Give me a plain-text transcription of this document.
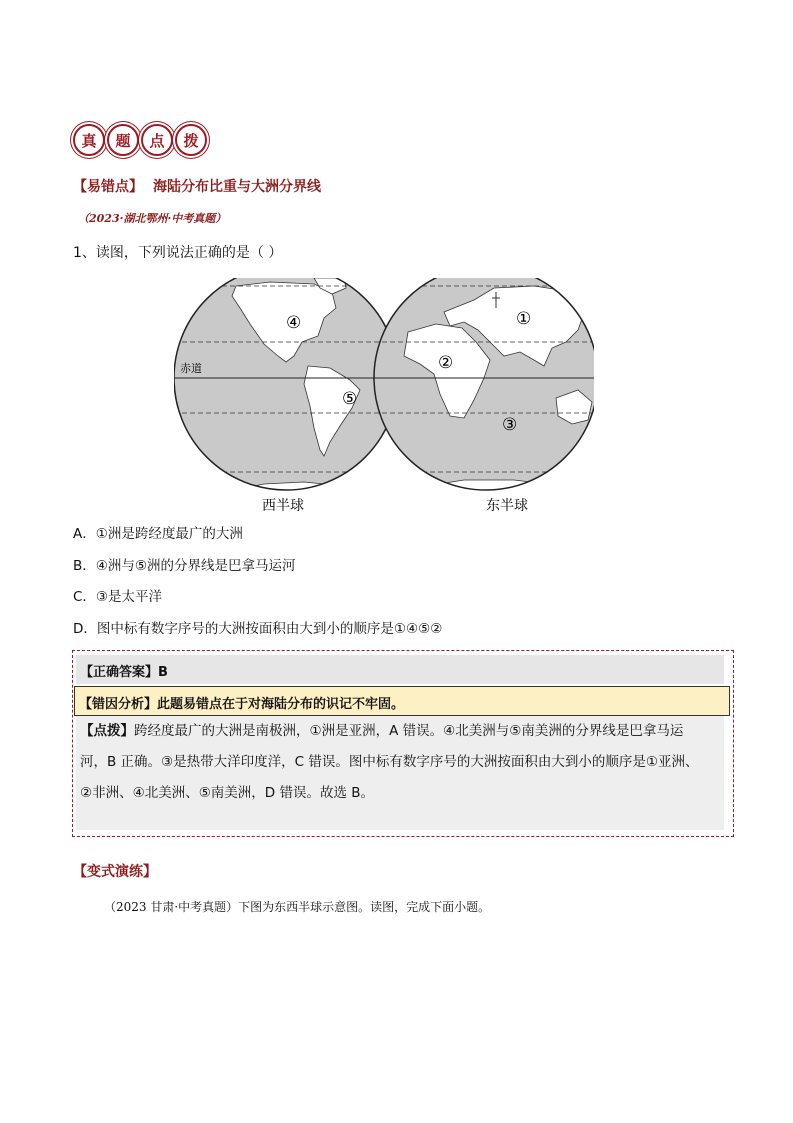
真	题	点	拨
【易错点】 海陆分布比重与大洲分界线
（2023·湖北鄂州·中考真题）
1、读图，下列说法正确的是（ ）
赤道
④
⑤
①
②
③
西半球	东半球
A．①洲是跨经度最广的大洲
B．④洲与⑤洲的分界线是巴拿马运河
C．③是太平洋
D．图中标有数字序号的大洲按面积由大到小的顺序是①④⑤②
【正确答案】B
【错因分析】此题易错点在于对海陆分布的识记不牢固。
【点拨】跨经度最广的大洲是南极洲，①洲是亚洲，A 错误。④北美洲与⑤南美洲的分界线是巴拿马运
河，B 正确。③是热带大洋印度洋，C 错误。图中标有数字序号的大洲按面积由大到小的顺序是①亚洲、
②非洲、④北美洲、⑤南美洲，D 错误。故选 B。
【变式演练】
（2023 甘肃·中考真题）下图为东西半球示意图。读图，完成下面小题。
